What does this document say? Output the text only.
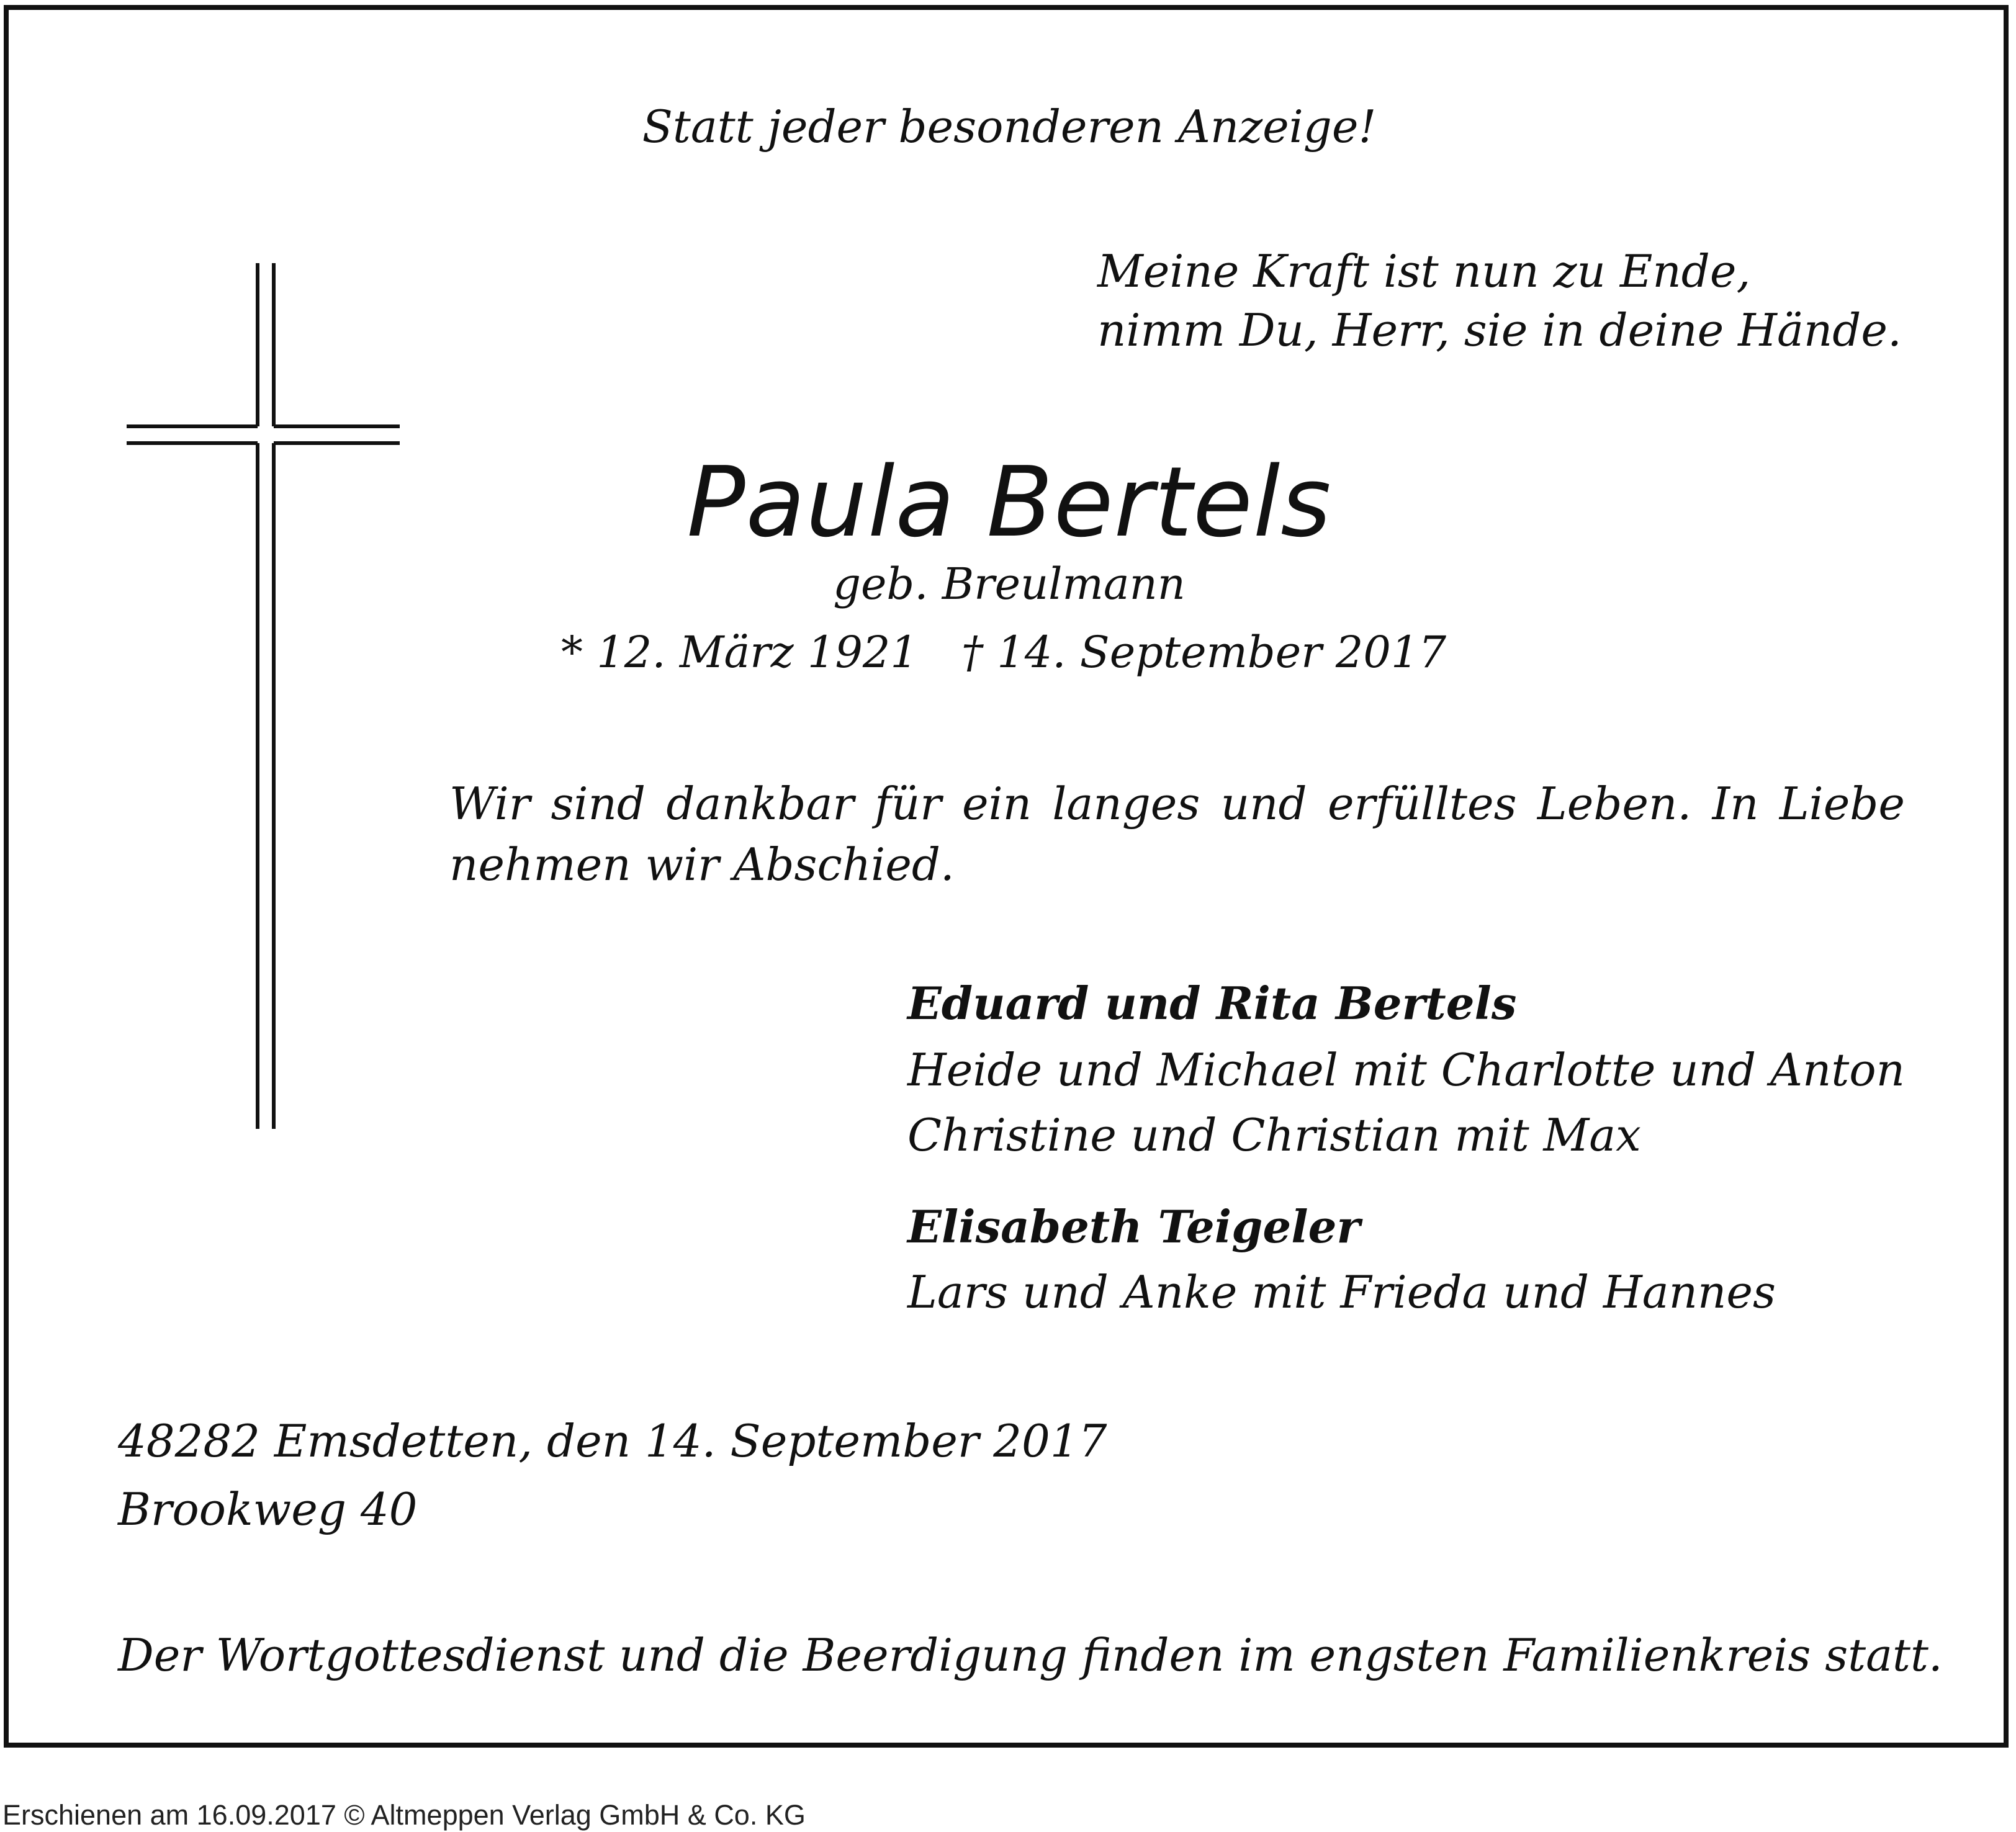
Statt jeder besonderen Anzeige!

Meine Kraft ist nun zu Ende,

nimm Du, Herr, sie in deine Hände.

Paula Bertels

geb. Breulmann

* 12. März 1921 † 14. September 2017

Wir sind dankbar für ein langes und erfülltes Leben. In Liebe nehmen wir Abschied.

Eduard und Rita Bertels

Heide und Michael mit Charlotte und Anton

Christine und Christian mit Max

Elisabeth Teigeler

Lars und Anke mit Frieda und Hannes

48282 Emsdetten, den 14. September 2017

Brookweg 40

Der Wortgottesdienst und die Beerdigung finden im engsten Familienkreis statt.

Erschienen am 16.09.2017 © Altmeppen Verlag GmbH & Co. KG
